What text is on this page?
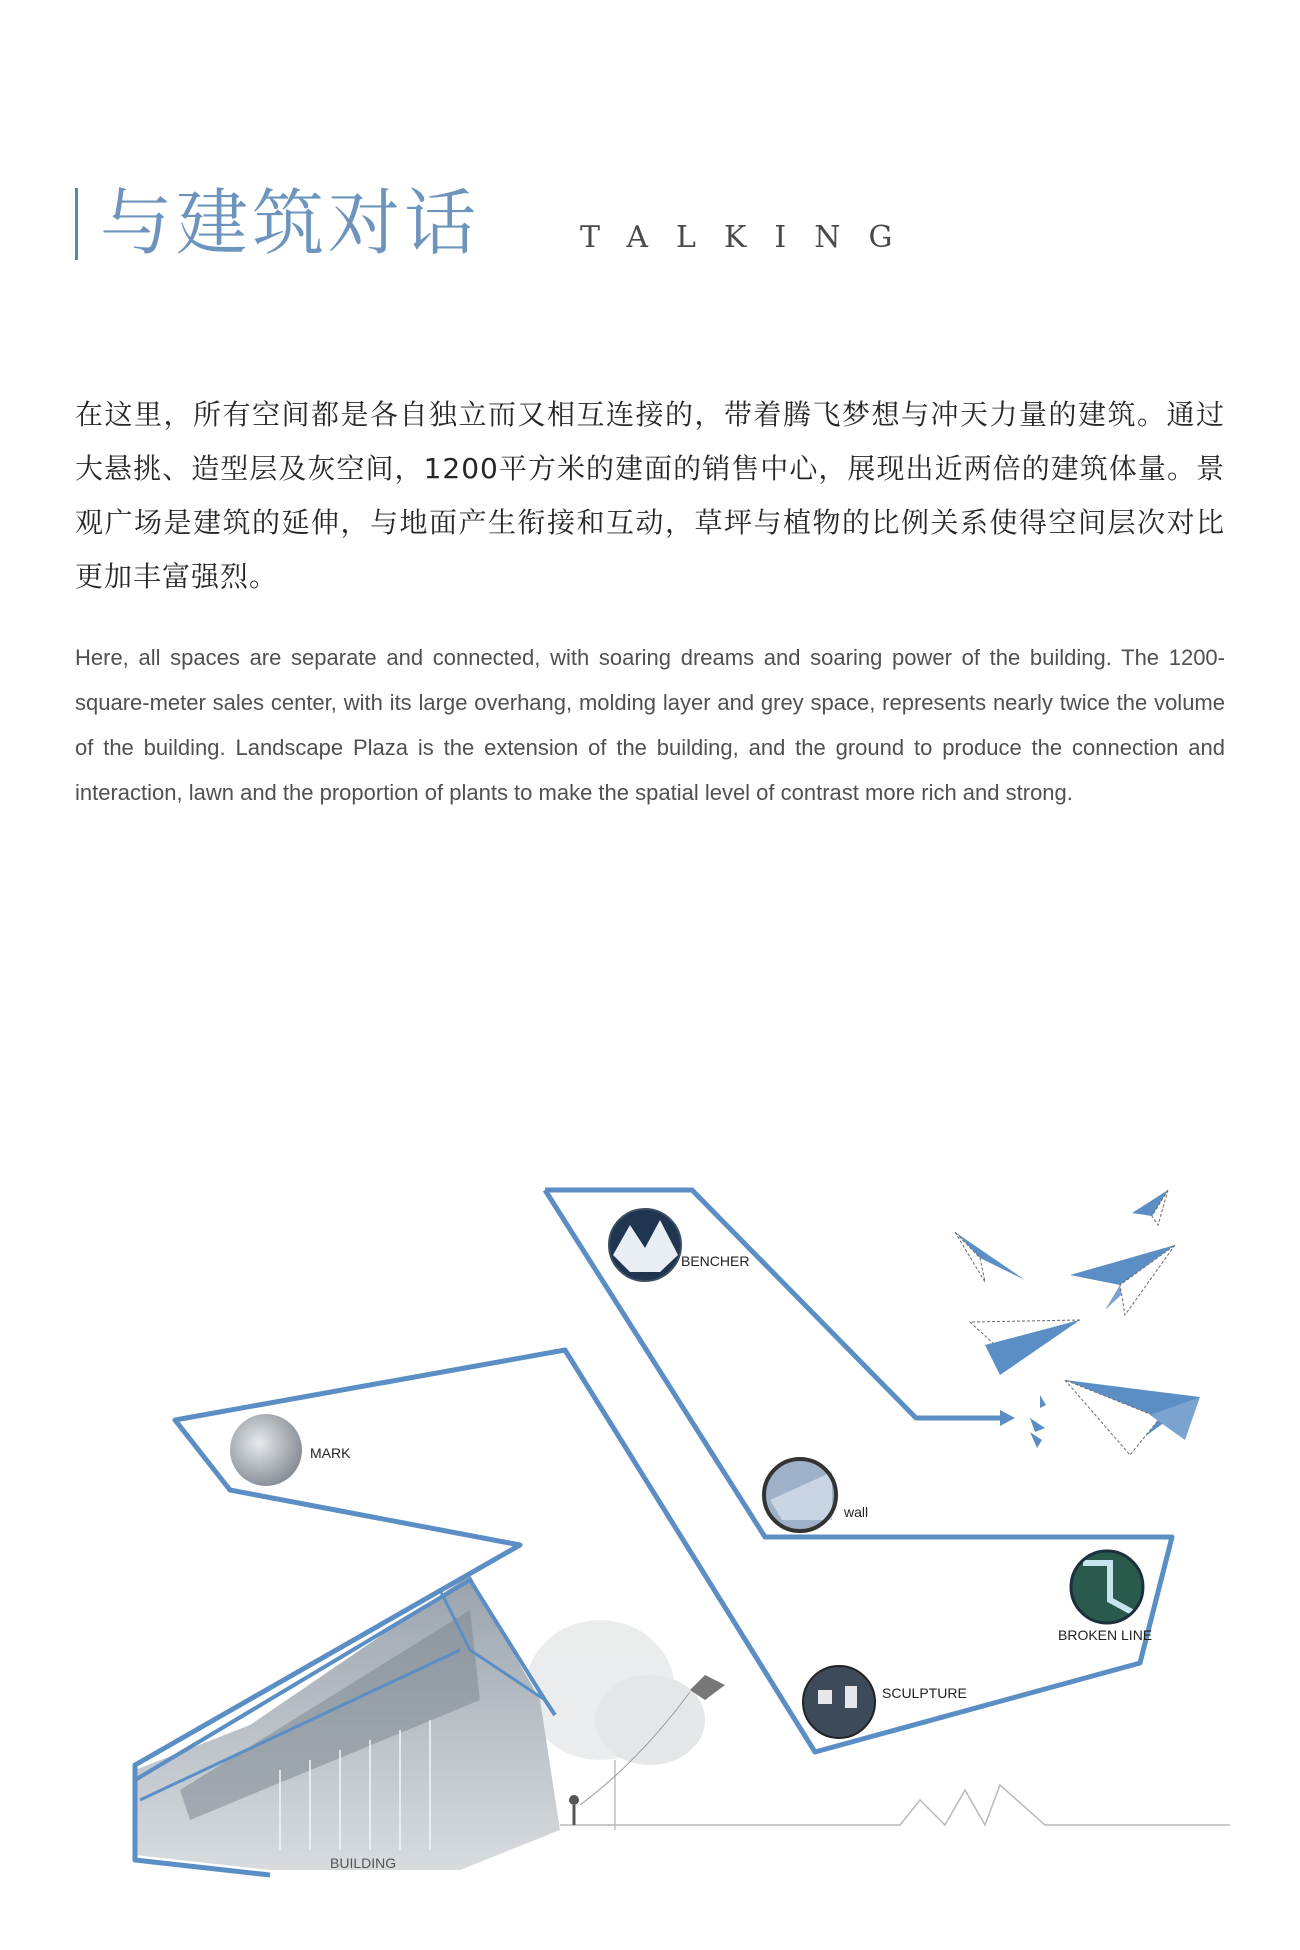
与建筑对话	TALKING

在这里，所有空间都是各自独立而又相互连接的，带着腾飞梦想与冲天力量的建筑。通过大悬挑、造型层及灰空间，1200平方米的建面的销售中心，展现出近两倍的建筑体量。景观广场是建筑的延伸，与地面产生衔接和互动，草坪与植物的比例关系使得空间层次对比更加丰富强烈。

Here, all spaces are separate and connected, with soaring dreams and soaring power of the building. The 1200-square-meter sales center, with its large overhang, molding layer and grey space, represents nearly twice the volume of the building. Landscape Plaza is the extension of the building, and the ground to produce the connection and interaction, lawn and the proportion of plants to make the spatial level of contrast more rich and strong.

BENCHER
MARK
wall
BROKEN LINE
SCULPTURE
BUILDING
